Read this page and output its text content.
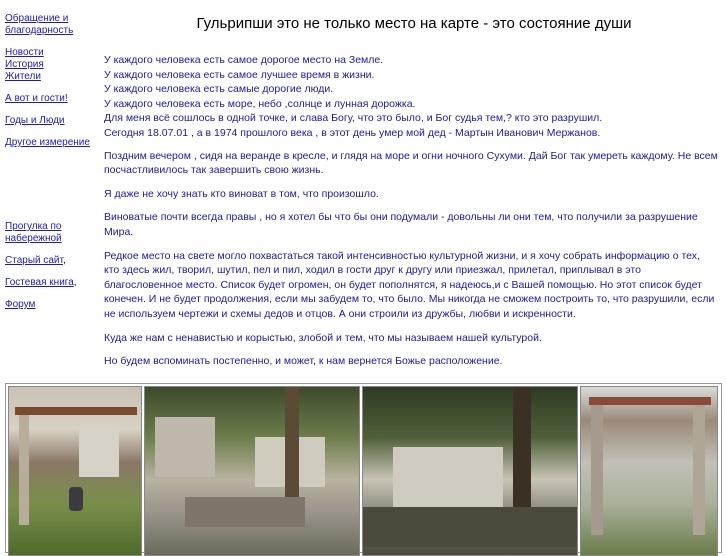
Обращение и благодарность
Новости
История
Жители
А вот и гости!
Годы и Люди
Другое измерение
Прогулка по набережной
Старый сайт,
Гостевая книга,
Форум
Гульрипши это не только место на карте - это состояние души

У каждого человека есть самое дорогое место на Земле.
У каждого человека есть самое лучшее время в жизни.
У каждого человека есть самые дорогие люди.
У каждого человека есть море, небо ,солнце и лунная дорожка.
Для меня всё сошлось в одной точке, и слава Богу, что это было, и Бог судья тем,? кто это разрушил.
Сегодня 18.07.01 , а в 1974 прошлого века , в этот день умер мой дед - Мартын Иванович Мержанов.

Поздним вечером , сидя на веранде в кресле, и глядя на море и огни ночного Сухуми. Дай Бог так умереть каждому. Не всем посчастливилось так завершить свою жизнь.

Я даже не хочу знать кто виноват в том, что произошло.

Виноватые почти всегда правы , но я хотел бы что бы они подумали - довольны ли они тем, что получили за разрушение Мира.

Редкое место на свете могло похвастаться такой интенсивностью культурной жизни, и я хочу собрать информацию о тех, кто здесь жил, творил, шутил, пел и пил, ходил в гости друг к другу или приезжал, прилетал, приплывал в это благословенное место. Список будет огромен, он будет пополнятся, я надеюсь,и с Вашей помощью. Но этот список будет конечен. И не будет продолжения, если мы забудем то, что было. Мы никогда не сможем построить то, что разрушили, если не используем чертежи и схемы дедов и отцов. А они строили из дружбы, любви и искренности.

Куда же нам с ненавистью и корыстью, злобой и тем, что мы называем нашей культурой.

Но будем вспоминать постепенно, и может, к нам вернется Божье расположение.
